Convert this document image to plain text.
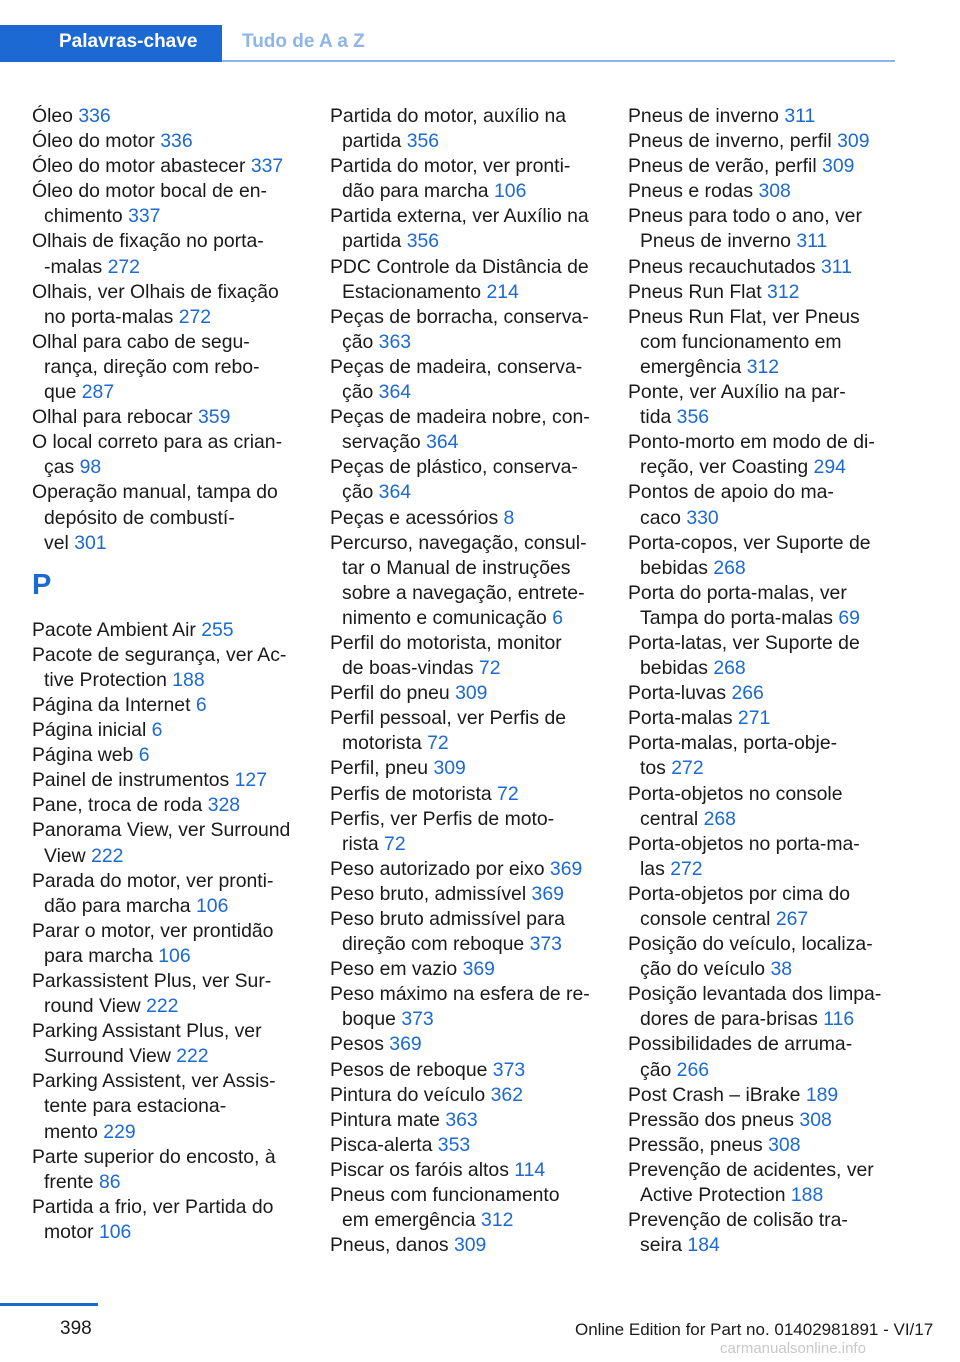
Palavras-chave	Tudo de A a Z
Óleo 336
Óleo do motor 336
Óleo do motor abastecer 337
Óleo do motor bocal de en‐
chimento 337
Olhais de fixação no porta‐
-malas 272
Olhais, ver Olhais de fixação
no porta-malas 272
Olhal para cabo de segu‐
rança, direção com rebo‐
que 287
Olhal para rebocar 359
O local correto para as crian‐
ças 98
Operação manual, tampa do
depósito de combustí‐
vel 301
P
Pacote Ambient Air 255
Pacote de segurança, ver Ac‐
tive Protection 188
Página da Internet 6
Página inicial 6
Página web 6
Painel de instrumentos 127
Pane, troca de roda 328
Panorama View, ver Surround
View 222
Parada do motor, ver pronti‐
dão para marcha 106
Parar o motor, ver prontidão
para marcha 106
Parkassistent Plus, ver Sur‐
round View 222
Parking Assistant Plus, ver
Surround View 222
Parking Assistent, ver Assis‐
tente para estaciona‐
mento 229
Parte superior do encosto, à
frente 86
Partida a frio, ver Partida do
motor 106
Partida do motor, auxílio na
partida 356
Partida do motor, ver pronti‐
dão para marcha 106
Partida externa, ver Auxílio na
partida 356
PDC Controle da Distância de
Estacionamento 214
Peças de borracha, conserva‐
ção 363
Peças de madeira, conserva‐
ção 364
Peças de madeira nobre, con‐
servação 364
Peças de plástico, conserva‐
ção 364
Peças e acessórios 8
Percurso, navegação, consul‐
tar o Manual de instruções
sobre a navegação, entrete‐
nimento e comunicação 6
Perfil do motorista, monitor
de boas-vindas 72
Perfil do pneu 309
Perfil pessoal, ver Perfis de
motorista 72
Perfil, pneu 309
Perfis de motorista 72
Perfis, ver Perfis de moto‐
rista 72
Peso autorizado por eixo 369
Peso bruto, admissível 369
Peso bruto admissível para
direção com reboque 373
Peso em vazio 369
Peso máximo na esfera de re‐
boque 373
Pesos 369
Pesos de reboque 373
Pintura do veículo 362
Pintura mate 363
Pisca-alerta 353
Piscar os faróis altos 114
Pneus com funcionamento
em emergência 312
Pneus, danos 309
Pneus de inverno 311
Pneus de inverno, perfil 309
Pneus de verão, perfil 309
Pneus e rodas 308
Pneus para todo o ano, ver
Pneus de inverno 311
Pneus recauchutados 311
Pneus Run Flat 312
Pneus Run Flat, ver Pneus
com funcionamento em
emergência 312
Ponte, ver Auxílio na par‐
tida 356
Ponto-morto em modo de di‐
reção, ver Coasting 294
Pontos de apoio do ma‐
caco 330
Porta-copos, ver Suporte de
bebidas 268
Porta do porta-malas, ver
Tampa do porta-malas 69
Porta-latas, ver Suporte de
bebidas 268
Porta-luvas 266
Porta-malas 271
Porta-malas, porta-obje‐
tos 272
Porta-objetos no console
central 268
Porta-objetos no porta-ma‐
las 272
Porta-objetos por cima do
console central 267
Posição do veículo, localiza‐
ção do veículo 38
Posição levantada dos limpa-
dores de para-brisas 116
Possibilidades de arruma‐
ção 266
Post Crash – iBrake 189
Pressão dos pneus 308
Pressão, pneus 308
Prevenção de acidentes, ver
Active Protection 188
Prevenção de colisão tra‐
seira 184
398	Online Edition for Part no. 01402981891 - VI/17
carmanualsonline.info
